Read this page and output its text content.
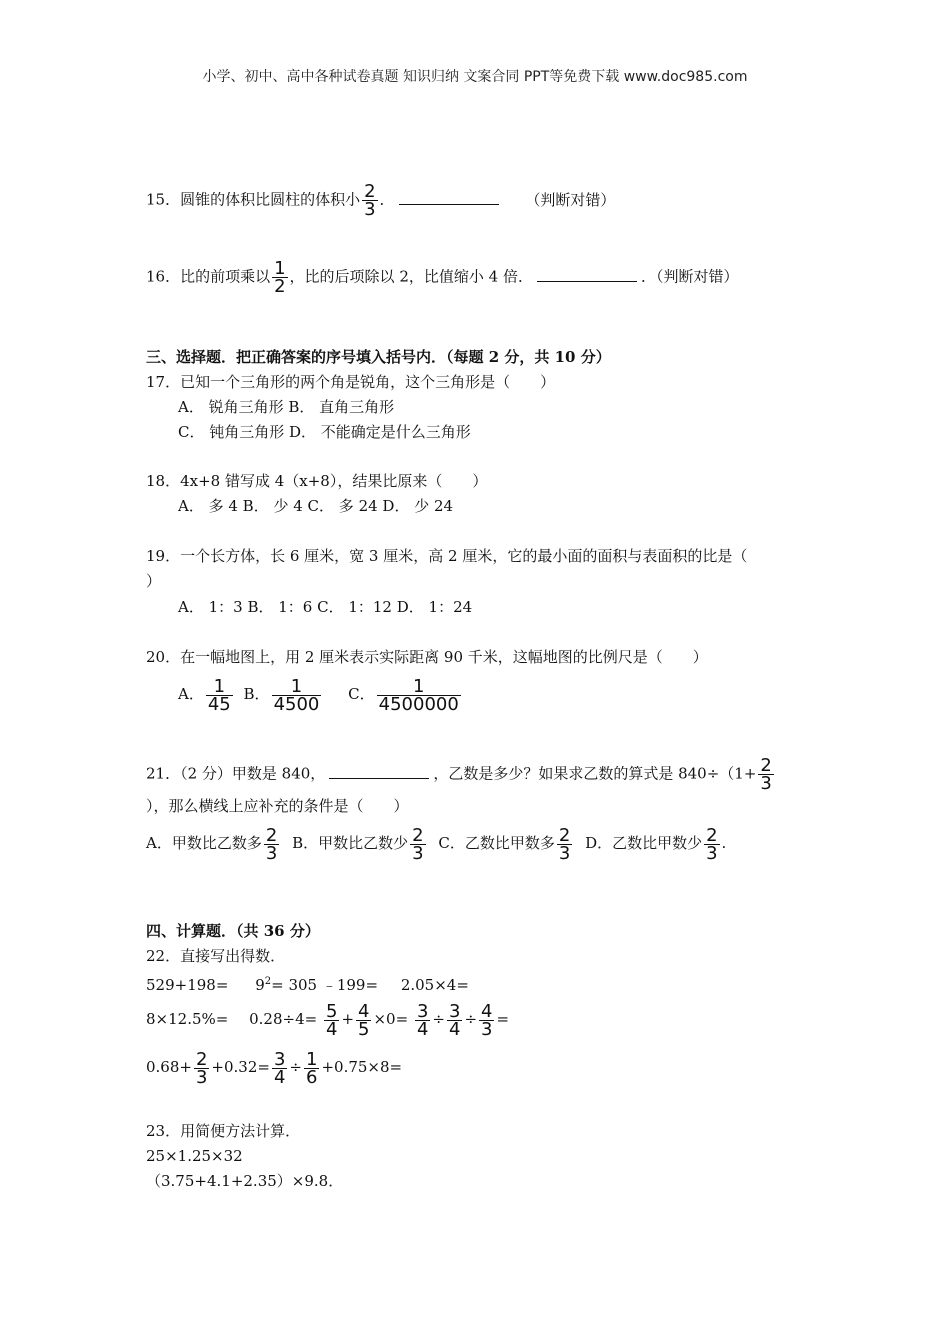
小学、初中、高中各种试卷真题 知识归纳 文案合同 PPT等免费下载 www.doc985.com
15．圆锥的体积比圆柱的体积小 $\frac{2}{3}$ ．	（判断对错）
16．比的前项乘以 $\frac{1}{2}$ ，比的后项除以 2，比值缩小 4 倍．	．（判断对错）
三、选择题．把正确答案的序号填入括号内．（每题 2 分，共 10 分）
17．已知一个三角形的两个角是锐角，这个三角形是（　　）
A． 锐角三角形 B． 直角三角形
C． 钝角三角形 D． 不能确定是什么三角形
18．4x+8 错写成 4（x+8），结果比原来（　　）
A． 多 4 B． 少 4 C． 多 24 D． 少 24
19．一个长方体，长 6 厘米，宽 3 厘米，高 2 厘米，它的最小面的面积与表面积的比是（
）
A． 1：3 B． 1：6 C． 1：12 D． 1：24
20．在一幅地图上，用 2 厘米表示实际距离 90 千米，这幅地图的比例尺是（　　）
A． $\frac{1}{45}$ B． $\frac{1}{4500}$ C． $\frac{1}{4500000}$
21．（2 分）甲数是 840，	，乙数是多少？如果求乙数的算式是 $840\div(1+ \frac{2}{3}$
），那么横线上应补充的条件是（　　）
A．甲数比乙数多 $\frac{2}{3}$ B．甲数比乙数少 $\frac{2}{3}$ C．乙数比甲数多 $\frac{2}{3}$ D．乙数比甲数少 $\frac{2}{3}$ .
四、计算题．（共 36 分）
22．直接写出得数．
$529+198= 9^2= 305$ ﹣199= 2.05×4=
$8\times 12.5\%= 0.28\div 4= \frac{5}{4} + \frac{4}{5} \times 0= \frac{3}{4} \div \frac{3}{4} \div \frac{4}{3}$ =
$0.68+ \frac{2}{3} +0.32= \frac{3}{4} \div \frac{1}{6} +0.75\times 8=$
23．用简便方法计算．
25×1.25×32
（3.75+4.1+2.35）×9.8．
